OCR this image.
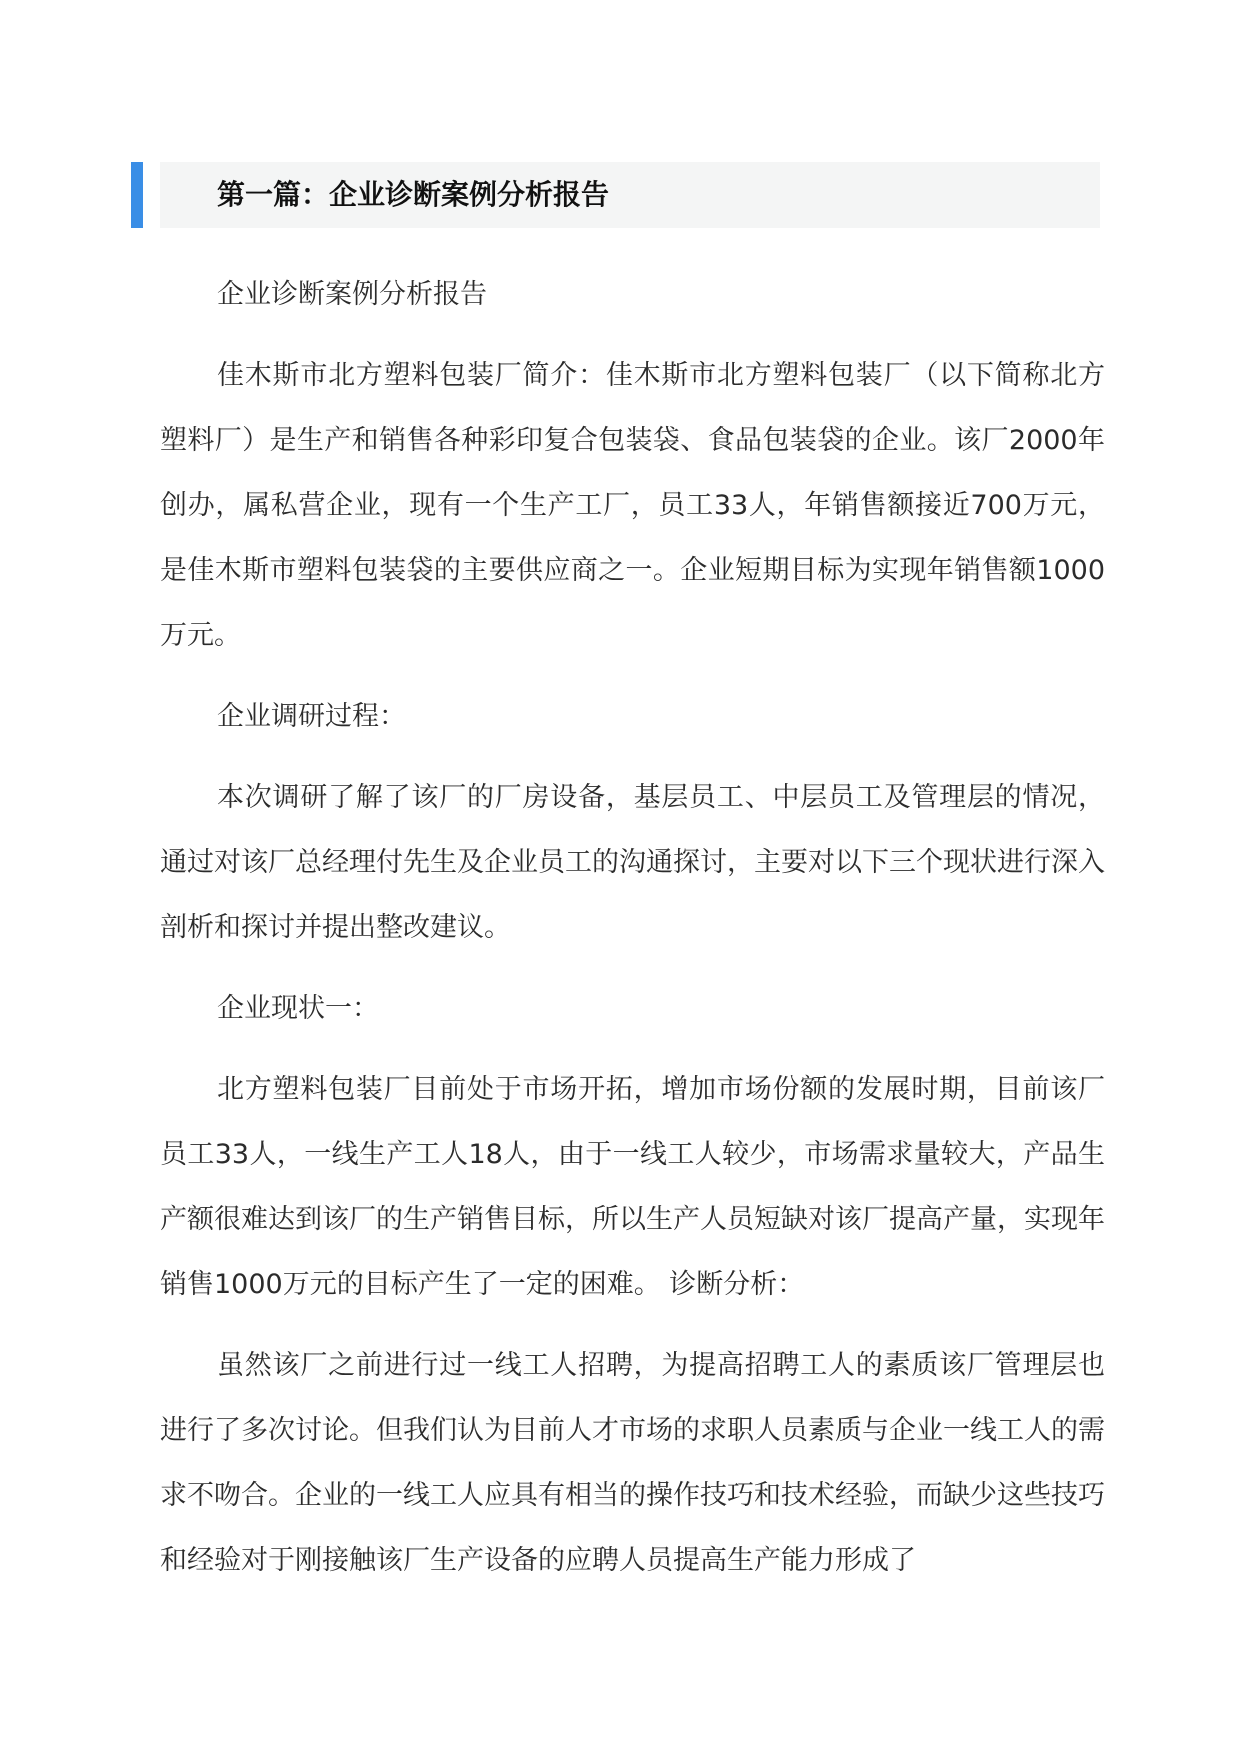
第一篇：企业诊断案例分析报告

企业诊断案例分析报告

佳木斯市北方塑料包装厂简介：佳木斯市北方塑料包装厂（以下简称北方塑料厂）是生产和销售各种彩印复合包装袋、食品包装袋的企业。该厂2000年创办，属私营企业，现有一个生产工厂，员工33人，年销售额接近700万元，是佳木斯市塑料包装袋的主要供应商之一。企业短期目标为实现年销售额1000万元。

企业调研过程：

本次调研了解了该厂的厂房设备，基层员工、中层员工及管理层的情况，通过对该厂总经理付先生及企业员工的沟通探讨，主要对以下三个现状进行深入剖析和探讨并提出整改建议。

企业现状一：

北方塑料包装厂目前处于市场开拓，增加市场份额的发展时期，目前该厂员工33人，一线生产工人18人，由于一线工人较少，市场需求量较大，产品生产额很难达到该厂的生产销售目标，所以生产人员短缺对该厂提高产量，实现年销售1000万元的目标产生了一定的困难。 诊断分析：

虽然该厂之前进行过一线工人招聘，为提高招聘工人的素质该厂管理层也进行了多次讨论。但我们认为目前人才市场的求职人员素质与企业一线工人的需求不吻合。企业的一线工人应具有相当的操作技巧和技术经验，而缺少这些技巧和经验对于刚接触该厂生产设备的应聘人员提高生产能力形成了
